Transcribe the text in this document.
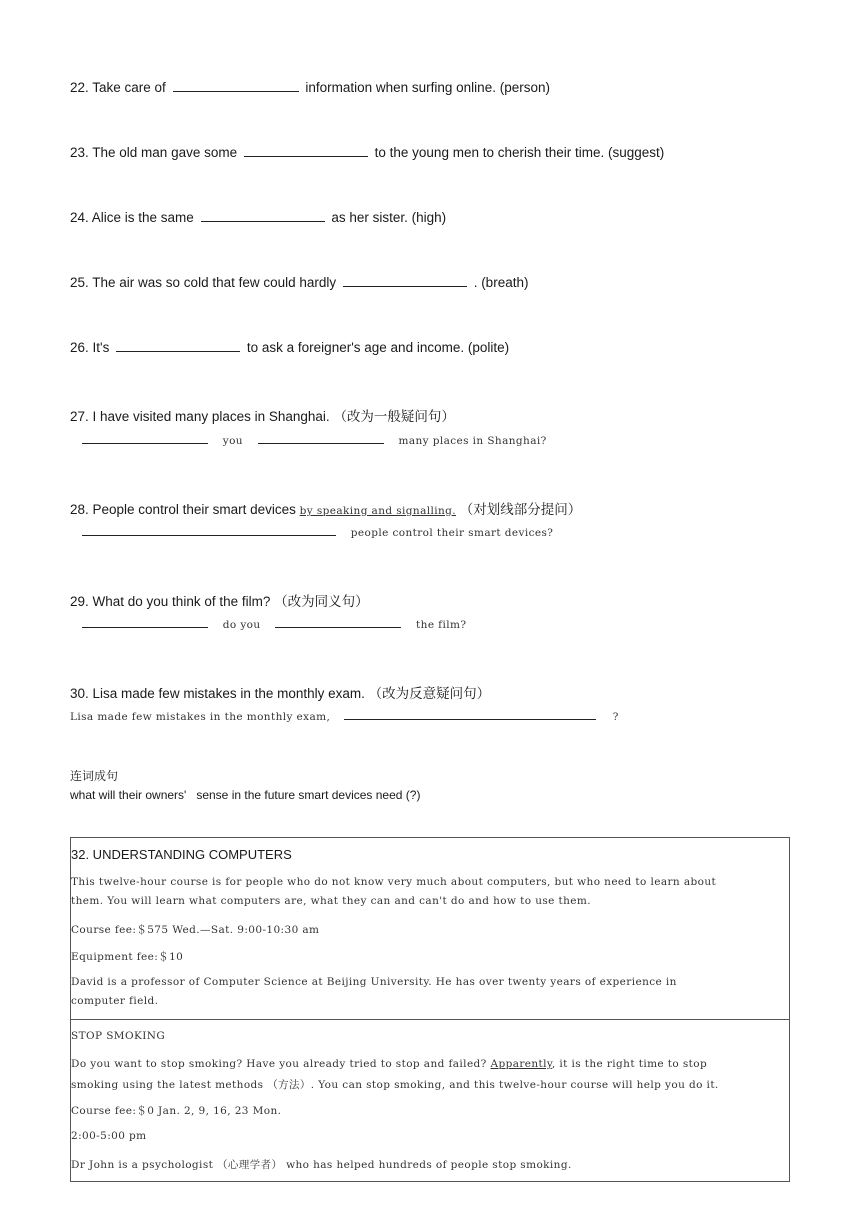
22. Take care of	information when surfing online. (person)
23. The old man gave some	to the young men to cherish their time. (suggest)
24. Alice is the same	as her sister. (high)
25. The air was so cold that few could hardly	. (breath)
26. It's	to ask a foreigner's age and income. (polite)
27. I have visited many places in Shanghai. （改为一般疑问句）
you	many places in Shanghai?
28. People control their smart devices by speaking and signalling. （对划线部分提问）
people control their smart devices?
29. What do you think of the film? （改为同义句）
do you	the film?
30. Lisa made few mistakes in the monthly exam. （改为反意疑问句）
Lisa made few mistakes in the monthly exam,	?
连词成句
what will their owners'   sense in the future smart devices need (?)
32. UNDERSTANDING COMPUTERS
This twelve-hour course is for people who do not know very much about computers, but who need to learn about
them. You will learn what computers are, what they can and can't do and how to use them.
Course fee:＄575 Wed.—Sat. 9:00-10:30 am
Equipment fee:＄10
David is a professor of Computer Science at Beijing University. He has over twenty years of experience in
computer field.
STOP SMOKING
Do you want to stop smoking? Have you already tried to stop and failed? Apparently, it is the right time to stop
smoking using the latest methods （方法）. You can stop smoking, and this twelve-hour course will help you do it.
Course fee:＄0 Jan. 2, 9, 16, 23 Mon.
2:00-5:00 pm
Dr John is a psychologist （心理学者） who has helped hundreds of people stop smoking.
